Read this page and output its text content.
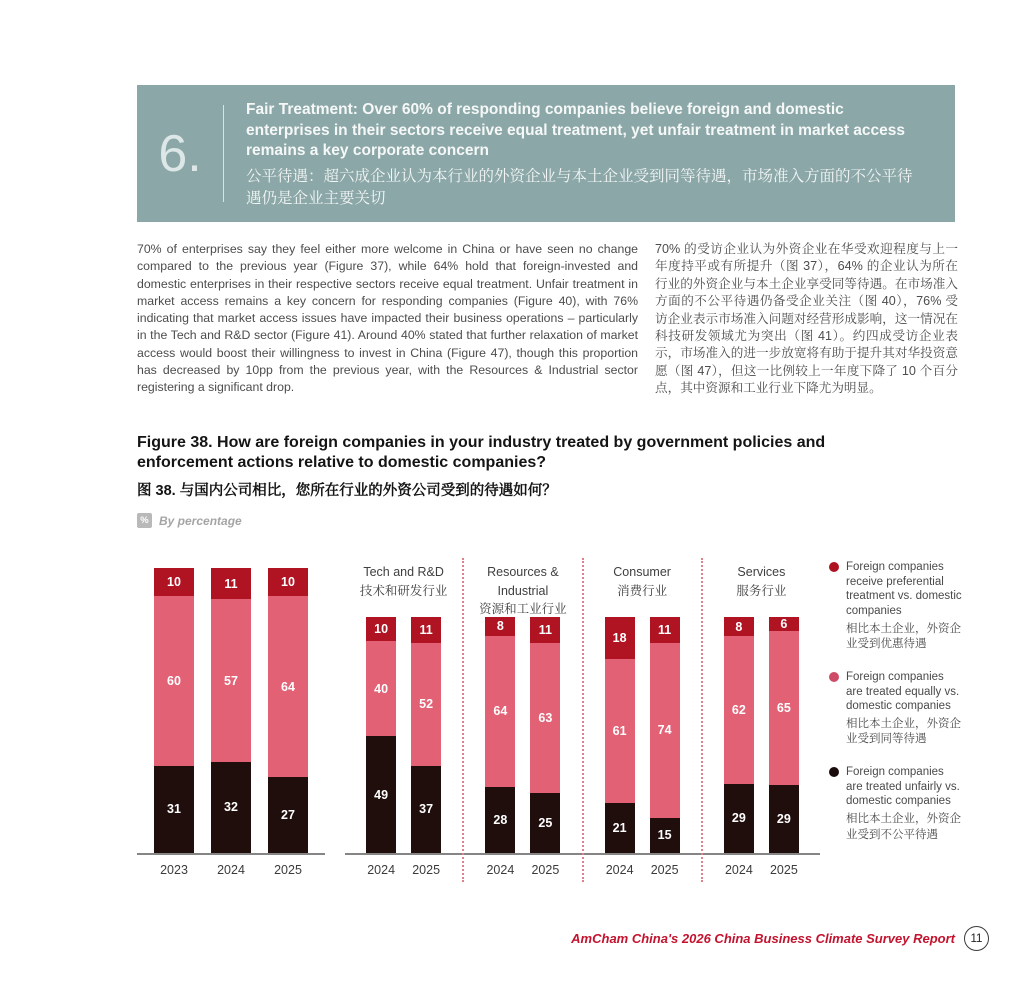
6.
Fair Treatment: Over 60% of responding companies believe foreign and domestic enterprises in their sectors receive equal treatment, yet unfair treatment in market access remains a key corporate concern
公平待遇：超六成企业认为本行业的外资企业与本土企业受到同等待遇，市场准入方面的不公平待遇仍是企业主要关切
70% of enterprises say they feel either more welcome in China or have seen no change compared to the previous year (Figure 37), while 64% hold that foreign-invested and domestic enterprises in their respective sectors receive equal treatment. Unfair treatment in market access remains a key concern for responding companies (Figure 40), with 76% indicating that market access issues have impacted their business operations – particularly in the Tech and R&D sector (Figure 41). Around 40% stated that further relaxation of market access would boost their willingness to invest in China (Figure 47), though this proportion has decreased by 10pp from the previous year, with the Resources & Industrial sector registering a significant drop.
70% 的受访企业认为外资企业在华受欢迎程度与上一年度持平或有所提升（图 37），64% 的企业认为所在行业的外资企业与本土企业享受同等待遇。在市场准入方面的不公平待遇仍备受企业关注（图 40），76% 受访企业表示市场准入问题对经营形成影响，这一情况在科技研发领域尤为突出（图 41）。约四成受访企业表示，市场准入的进一步放宽将有助于提升其对华投资意愿（图 47），但这一比例较上一年度下降了 10 个百分点，其中资源和工业行业下降尤为明显。
Figure 38. How are foreign companies in your industry treated by government policies and enforcement actions relative to domestic companies?
图 38. 与国内公司相比，您所在行业的外资公司受到的待遇如何？
% By percentage
10
60
31
11
57
32
10
64
27
2023	2024	2025
Tech and R&D
技术和研发行业
10
40
49
11
52
37
2024 2025
Resources & Industrial
资源和工业行业
8
64
28
11
63
25
2024 2025
Consumer
消费行业
18
61
21
11
74
15
2024 2025
Services
服务行业
8
62
29
6
65
29
2024 2025
Foreign companies receive preferential treatment vs. domestic companies
相比本土企业，外资企业受到优惠待遇
Foreign companies are treated equally vs. domestic companies
相比本土企业，外资企业受到同等待遇
Foreign companies are treated unfairly vs. domestic companies
相比本土企业，外资企业受到不公平待遇
AmCham China's 2026 China Business Climate Survey Report	11
